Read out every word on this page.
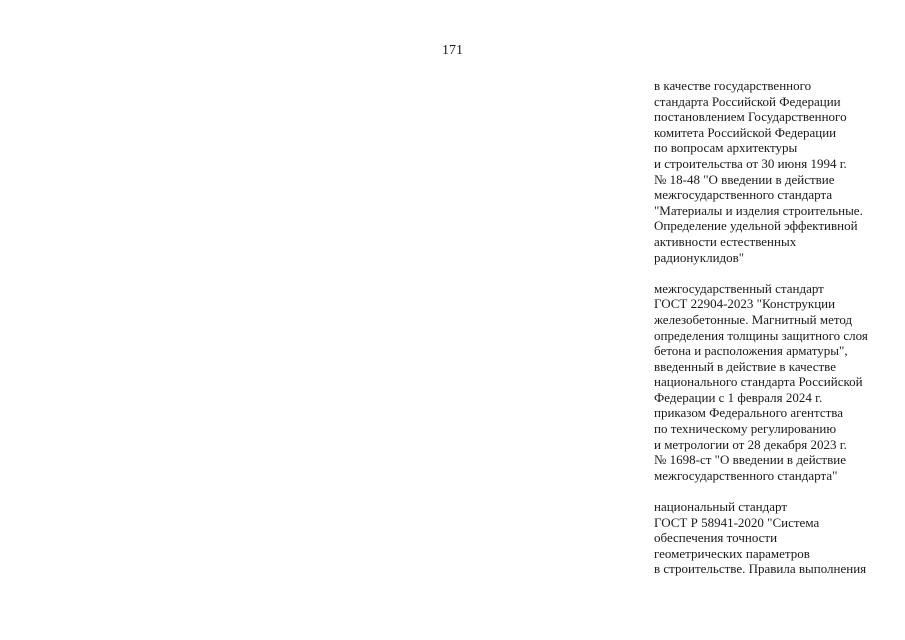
171

в качестве государственного
стандарта Российской Федерации
постановлением Государственного
комитета Российской Федерации
по вопросам архитектуры
и строительства от 30 июня 1994 г.
№ 18-48 "О введении в действие
межгосударственного стандарта
"Материалы и изделия строительные.
Определение удельной эффективной
активности естественных
радионуклидов"

межгосударственный стандарт
ГОСТ 22904-2023 "Конструкции
железобетонные. Магнитный метод
определения толщины защитного слоя
бетона и расположения арматуры",
введенный в действие в качестве
национального стандарта Российской
Федерации с 1 февраля 2024 г.
приказом Федерального агентства
по техническому регулированию
и метрологии от 28 декабря 2023 г.
№ 1698-ст "О введении в действие
межгосударственного стандарта"

национальный стандарт
ГОСТ Р 58941-2020 "Система
обеспечения точности
геометрических параметров
в строительстве. Правила выполнения
